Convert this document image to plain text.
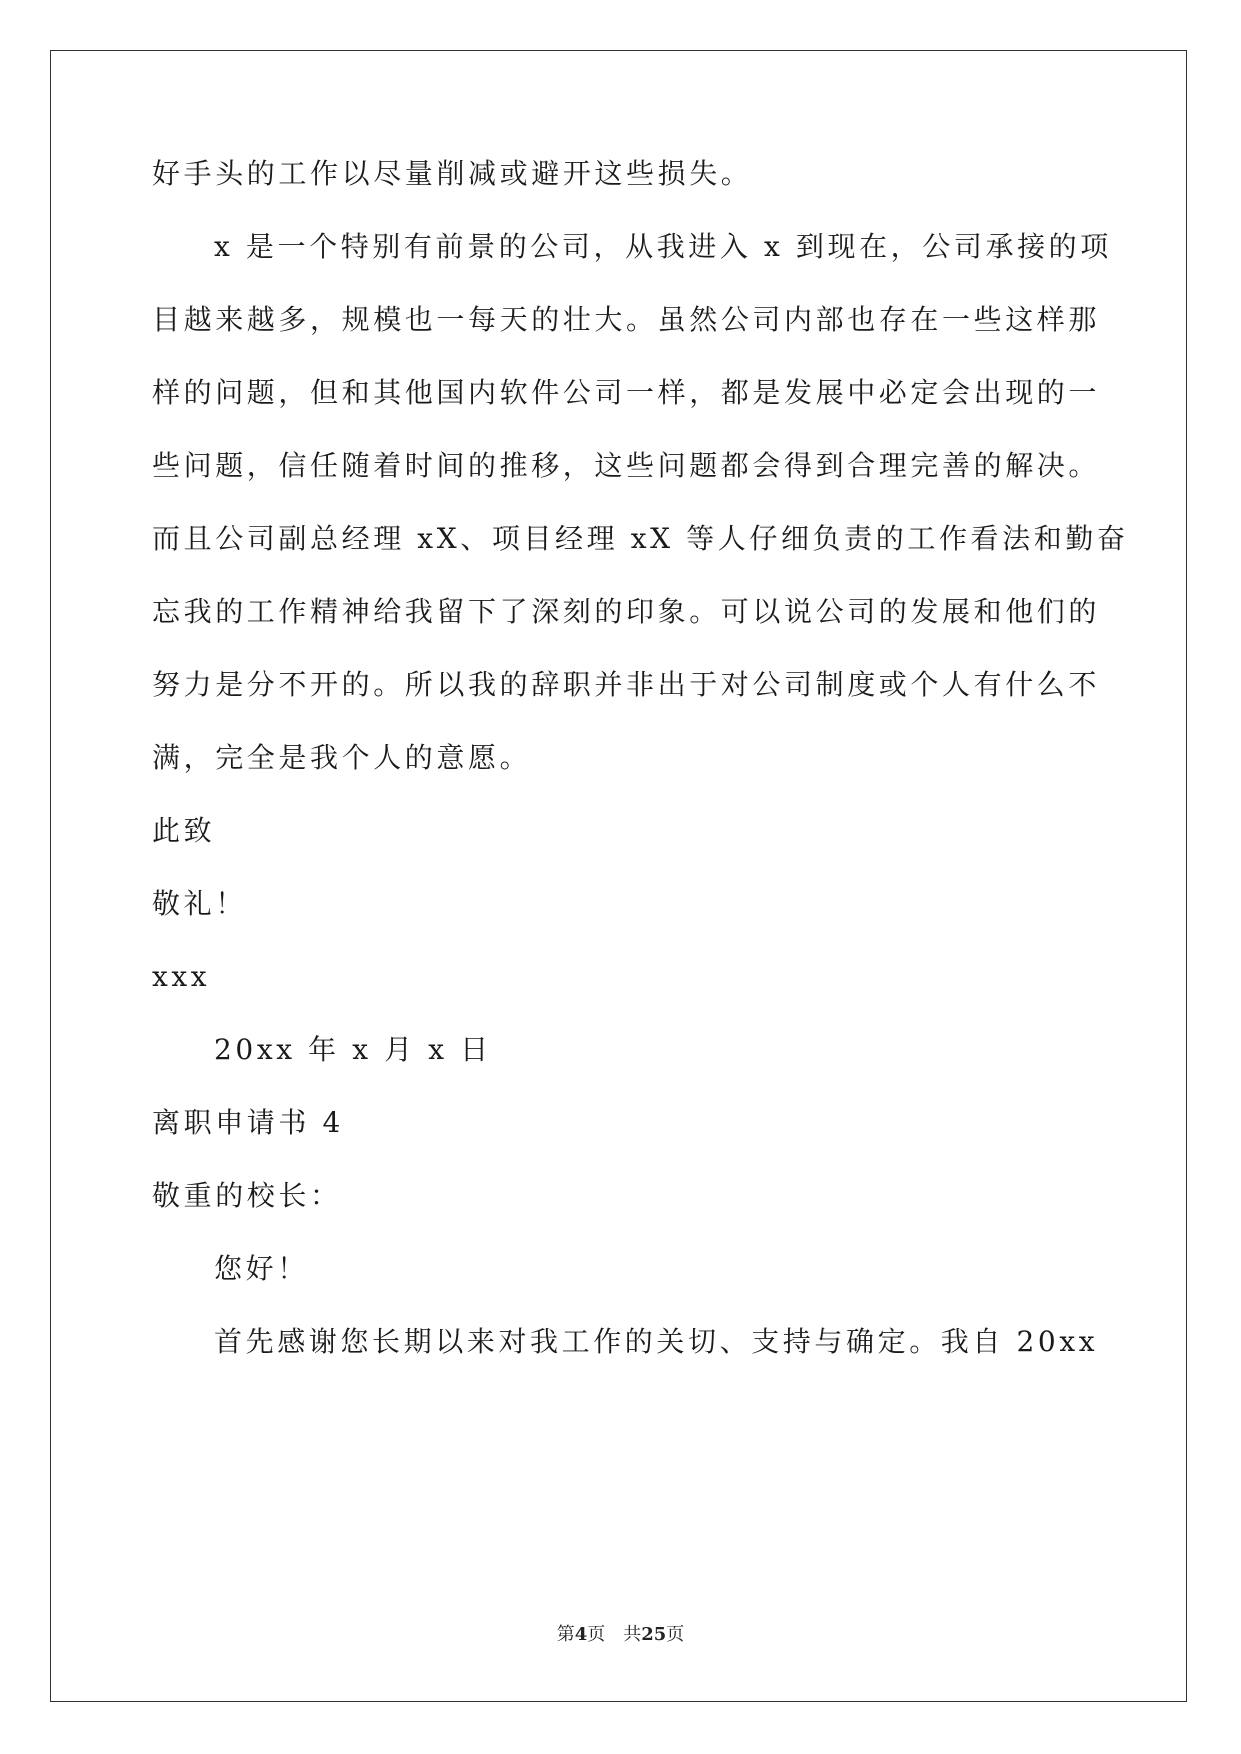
好手头的工作以尽量削减或避开这些损失。
x 是一个特别有前景的公司，从我进入 x 到现在，公司承接的项
目越来越多，规模也一每天的壮大。虽然公司内部也存在一些这样那
样的问题，但和其他国内软件公司一样，都是发展中必定会出现的一
些问题，信任随着时间的推移，这些问题都会得到合理完善的解决。
而且公司副总经理 xX、项目经理 xX 等人仔细负责的工作看法和勤奋
忘我的工作精神给我留下了深刻的印象。可以说公司的发展和他们的
努力是分不开的。所以我的辞职并非出于对公司制度或个人有什么不
满，完全是我个人的意愿。
此致
敬礼！
xxx
20xx 年 x 月 x 日
离职申请书 4
敬重的校长：
您好！
首先感谢您长期以来对我工作的关切、支持与确定。我自 20xx
第4页 共25页
